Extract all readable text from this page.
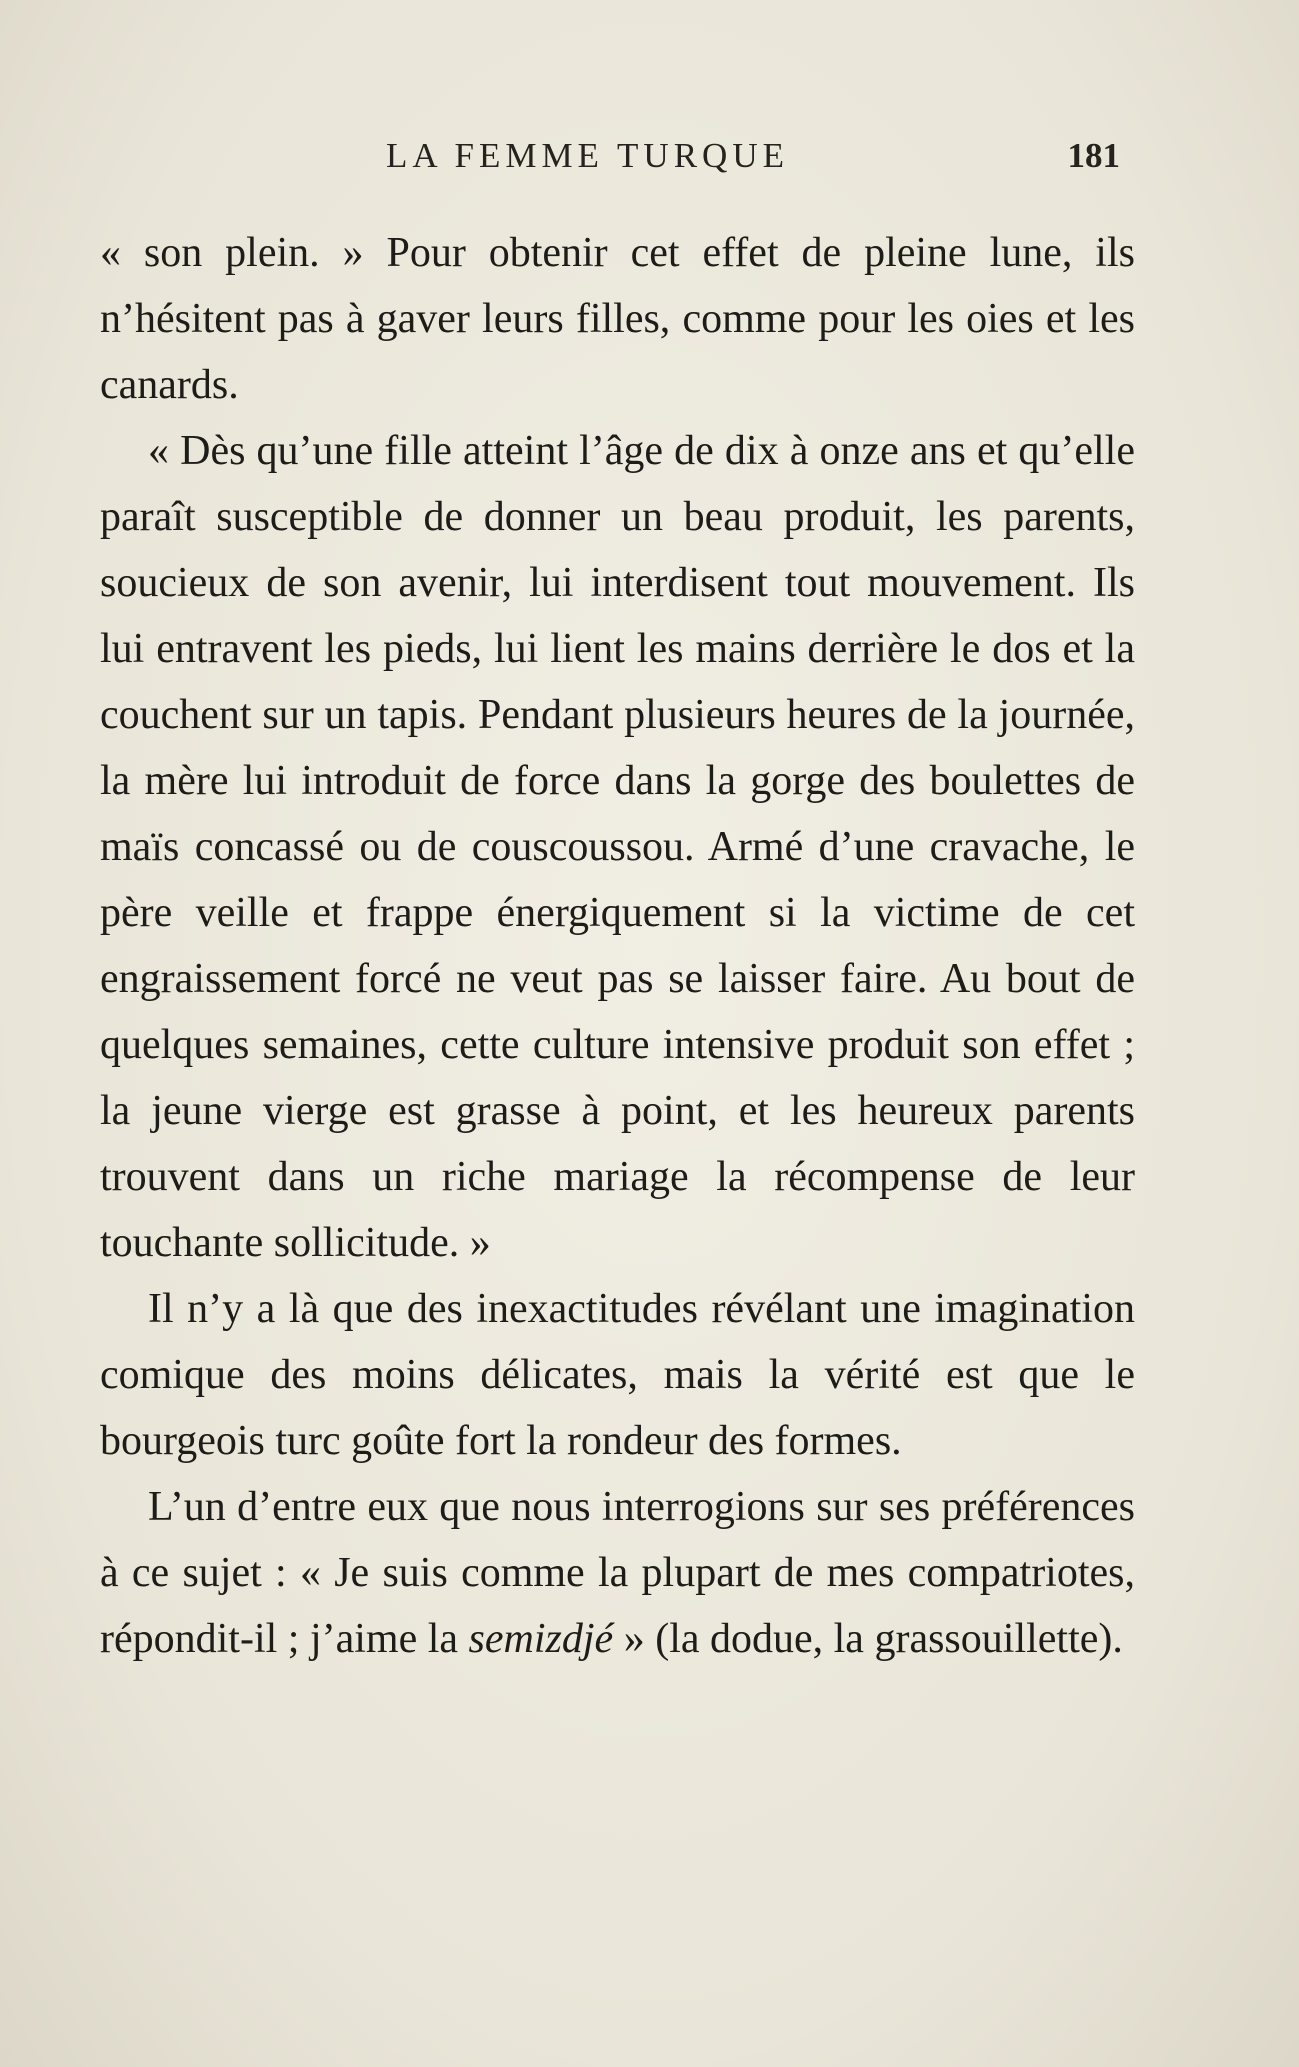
LA FEMME TURQUE	181

« son plein. » Pour obtenir cet effet de pleine lune, ils n’hésitent pas à gaver leurs filles, comme pour les oies et les canards.

« Dès qu’une fille atteint l’âge de dix à onze ans et qu’elle paraît susceptible de donner un beau produit, les parents, soucieux de son avenir, lui interdisent tout mouvement. Ils lui entravent les pieds, lui lient les mains derrière le dos et la couchent sur un tapis. Pendant plusieurs heures de la journée, la mère lui introduit de force dans la gorge des boulettes de maïs concassé ou de couscoussou. Armé d’une cravache, le père veille et frappe énergiquement si la victime de cet engraissement forcé ne veut pas se laisser faire. Au bout de quelques semaines, cette culture intensive produit son effet ; la jeune vierge est grasse à point, et les heureux parents trouvent dans un riche mariage la récompense de leur touchante sollicitude. »

Il n’y a là que des inexactitudes révélant une imagination comique des moins délicates, mais la vérité est que le bourgeois turc goûte fort la rondeur des formes.

L’un d’entre eux que nous interrogions sur ses préférences à ce sujet : « Je suis comme la plupart de mes compatriotes, répondit-il ; j’aime la semizdjé » (la dodue, la grassouillette).
